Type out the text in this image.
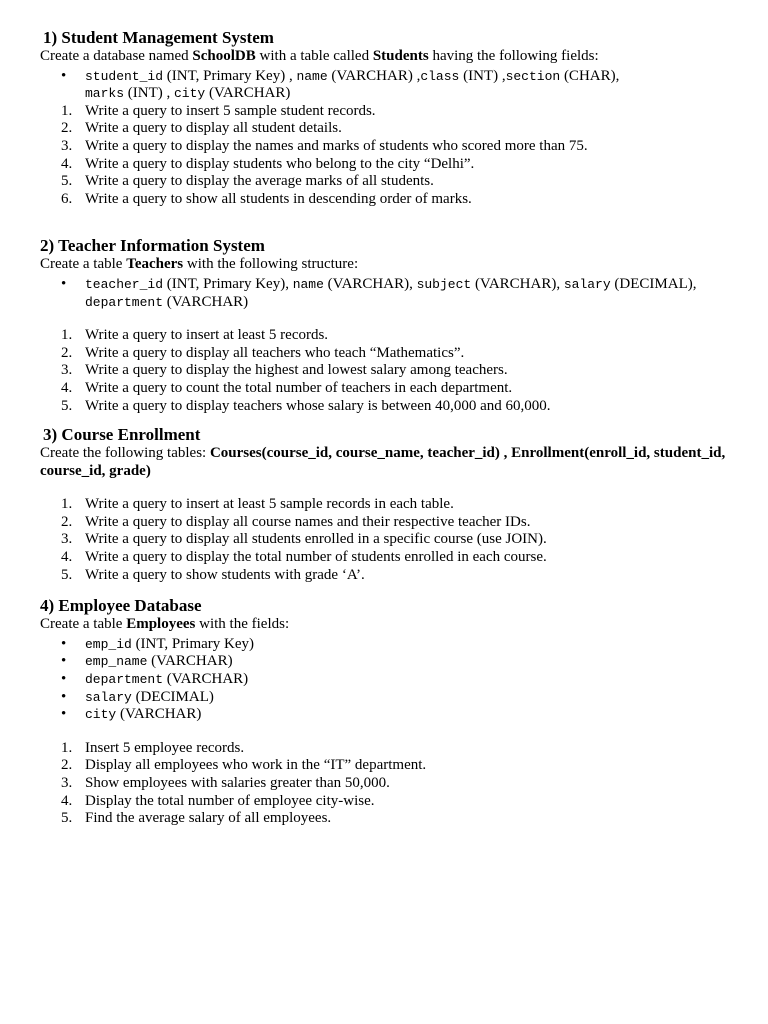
1) Student Management System

Create a database named SchoolDB with a table called Students having the following fields:

• student_id (INT, Primary Key) , name (VARCHAR) ,class (INT) ,section (CHAR),
marks (INT) , city (VARCHAR)
1. Write a query to insert 5 sample student records.
2. Write a query to display all student details.
3. Write a query to display the names and marks of students who scored more than 75.
4. Write a query to display students who belong to the city “Delhi”.
5. Write a query to display the average marks of all students.
6. Write a query to show all students in descending order of marks.
2) Teacher Information System

Create a table Teachers with the following structure:

• teacher_id (INT, Primary Key), name (VARCHAR), subject (VARCHAR), salary (DECIMAL),
department (VARCHAR)
1. Write a query to insert at least 5 records.
2. Write a query to display all teachers who teach “Mathematics”.
3. Write a query to display the highest and lowest salary among teachers.
4. Write a query to count the total number of teachers in each department.
5. Write a query to display teachers whose salary is between 40,000 and 60,000.
3) Course Enrollment

Create the following tables: Courses(course_id, course_name, teacher_id) , Enrollment(enroll_id, student_id, course_id, grade)

1. Write a query to insert at least 5 sample records in each table.
2. Write a query to display all course names and their respective teacher IDs.
3. Write a query to display all students enrolled in a specific course (use JOIN).
4. Write a query to display the total number of students enrolled in each course.
5. Write a query to show students with grade ‘A’.
4) Employee Database

Create a table Employees with the fields:

• emp_id (INT, Primary Key)
• emp_name (VARCHAR)
• department (VARCHAR)
• salary (DECIMAL)
• city (VARCHAR)
1. Insert 5 employee records.
2. Display all employees who work in the “IT” department.
3. Show employees with salaries greater than 50,000.
4. Display the total number of employee city-wise.
5. Find the average salary of all employees.
